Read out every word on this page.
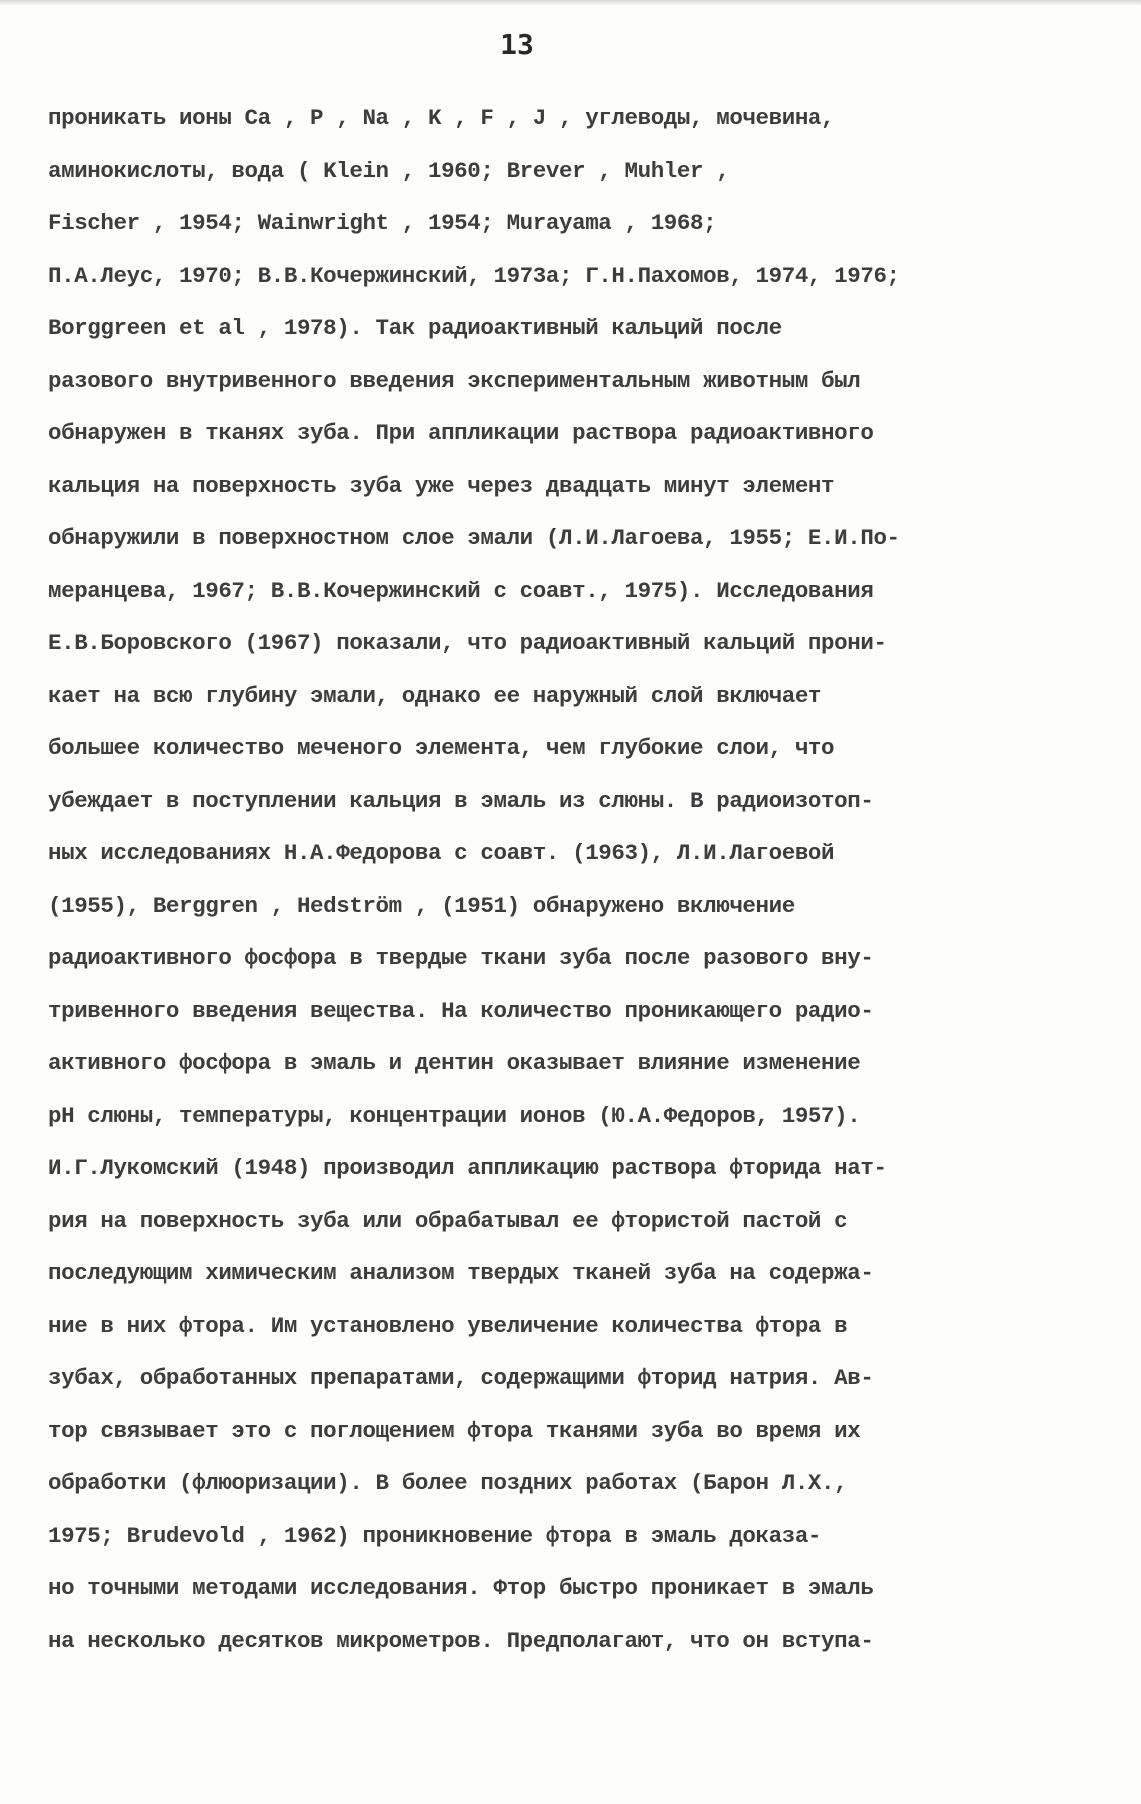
13
проникать ионы Ca , P , Na , K , F , J , углеводы, мочевина,
аминокислоты, вода ( Klein , 1960; Brever , Muhler ,
Fischer , 1954; Wainwright , 1954; Murayama , 1968;
П.А.Леус, 1970; В.В.Кочержинский, 1973а; Г.Н.Пахомов, 1974, 1976;
Borggreen et al , 1978). Так радиоактивный кальций после
разового внутривенного введения экспериментальным животным был
обнаружен в тканях зуба. При аппликации раствора радиоактивного
кальция на поверхность зуба уже через двадцать минут элемент
обнаружили в поверхностном слое эмали (Л.И.Лагоева, 1955; Е.И.По-
меранцева, 1967; В.В.Кочержинский с соавт., 1975). Исследования
Е.В.Боровского (1967) показали, что радиоактивный кальций прони-
кает на всю глубину эмали, однако ее наружный слой включает
большее количество меченого элемента, чем глубокие слои, что
убеждает в поступлении кальция в эмаль из слюны. В радиоизотоп-
ных исследованиях Н.А.Федорова с соавт. (1963), Л.И.Лагоевой
(1955), Berggren , Hedström , (1951) обнаружено включение
радиоактивного фосфора в твердые ткани зуба после разового вну-
тривенного введения вещества. На количество проникающего радио-
активного фосфора в эмаль и дентин оказывает влияние изменение
pH слюны, температуры, концентрации ионов (Ю.А.Федоров, 1957).
И.Г.Лукомский (1948) производил аппликацию раствора фторида нат-
рия на поверхность зуба или обрабатывал ее фтористой пастой с
последующим химическим анализом твердых тканей зуба на содержа-
ние в них фтора. Им установлено увеличение количества фтора в
зубах, обработанных препаратами, содержащими фторид натрия. Ав-
тор связывает это с поглощением фтора тканями зуба во время их
обработки (флюоризации). В более поздних работах (Барон Л.Х.,
1975; Brudevold , 1962) проникновение фтора в эмаль доказа-
но точными методами исследования. Фтор быстро проникает в эмаль
на несколько десятков микрометров. Предполагают, что он вступа-
